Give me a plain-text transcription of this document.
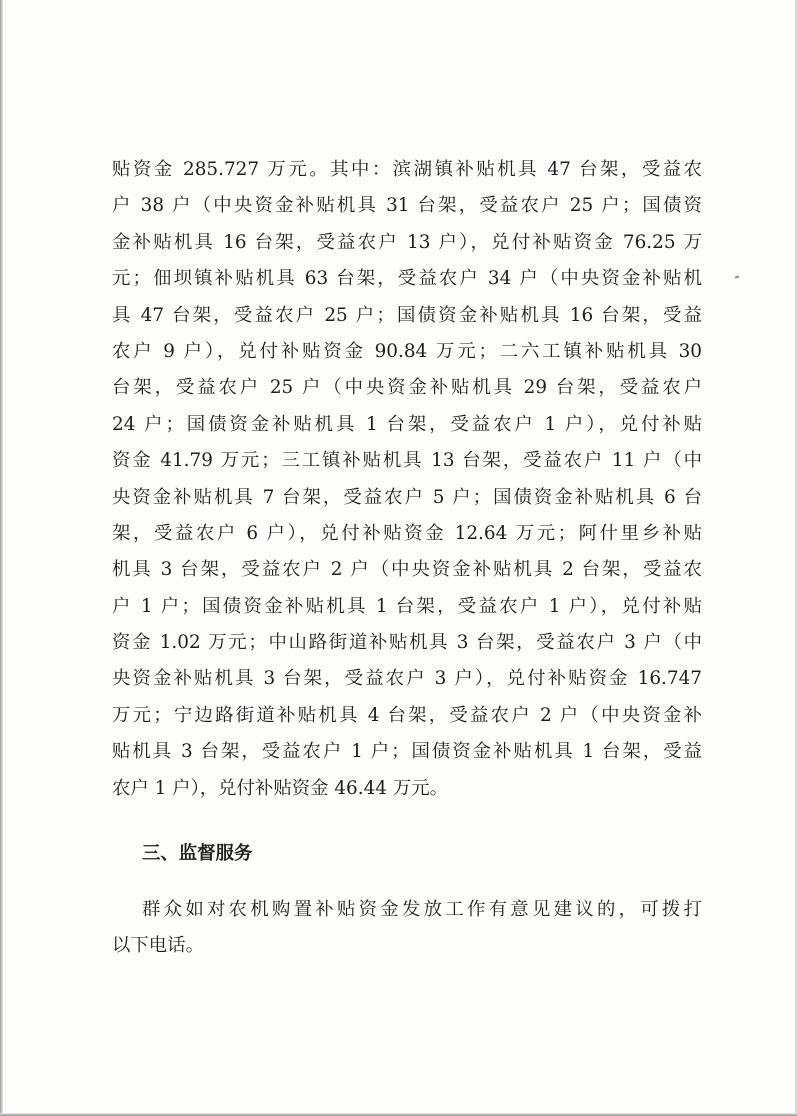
贴资金 285.727 万元。其中：滨湖镇补贴机具 47 台架，受益农
户 38 户（中央资金补贴机具 31 台架，受益农户 25 户；国债资
金补贴机具 16 台架，受益农户 13 户），兑付补贴资金 76.25 万
元；佃坝镇补贴机具 63 台架，受益农户 34 户（中央资金补贴机
具 47 台架，受益农户 25 户；国债资金补贴机具 16 台架，受益
农户 9 户），兑付补贴资金 90.84 万元；二六工镇补贴机具 30
台架，受益农户 25 户（中央资金补贴机具 29 台架，受益农户
24 户；国债资金补贴机具 1 台架，受益农户 1 户），兑付补贴
资金 41.79 万元；三工镇补贴机具 13 台架，受益农户 11 户（中
央资金补贴机具 7 台架，受益农户 5 户；国债资金补贴机具 6 台
架，受益农户 6 户），兑付补贴资金 12.64 万元；阿什里乡补贴
机具 3 台架，受益农户 2 户（中央资金补贴机具 2 台架，受益农
户 1 户；国债资金补贴机具 1 台架，受益农户 1 户），兑付补贴
资金 1.02 万元；中山路街道补贴机具 3 台架，受益农户 3 户（中
央资金补贴机具 3 台架，受益农户 3 户），兑付补贴资金 16.747
万元；宁边路街道补贴机具 4 台架，受益农户 2 户（中央资金补
贴机具 3 台架，受益农户 1 户；国债资金补贴机具 1 台架，受益
农户 1 户），兑付补贴资金 46.44 万元。
三、监督服务
群众如对农机购置补贴资金发放工作有意见建议的，可拨打
以下电话。
